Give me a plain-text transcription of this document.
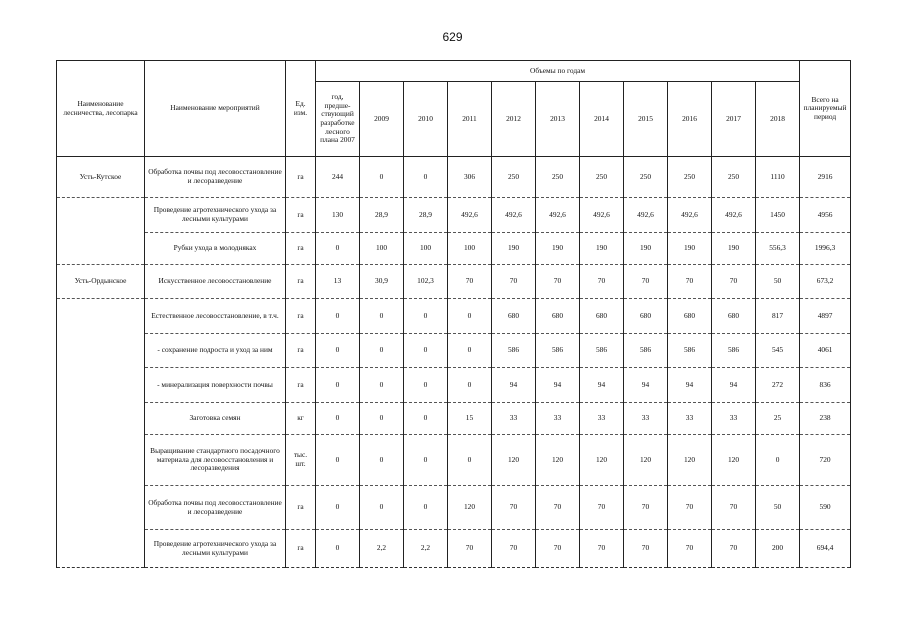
629
Наименование лесничества, лесопарка	Наименование мероприятий	Ед. изм.	Объемы по годам											Всего на планируемый период
			год, предше-ствующий разработке лесного плана 2007	2009	2010	2011	2012	2013	2014	2015	2016	2017	2018	
Усть-Кутское	Обработка почвы под лесовосстановление и лесоразведение	га	244	0	0	306	250	250	250	250	250	250	1110	2916
	Проведение агротехнического ухода за лесными культурами	га	130	28,9	28,9	492,6	492,6	492,6	492,6	492,6	492,6	492,6	1450	4956
	Рубки ухода в молодняках	га	0	100	100	100	190	190	190	190	190	190	556,3	1996,3
Усть-Ордынское	Искусственное лесовосстановление	га	13	30,9	102,3	70	70	70	70	70	70	70	50	673,2
	Естественное лесовосстановление, в т.ч.	га	0	0	0	0	680	680	680	680	680	680	817	4897
	- сохранение подроста и уход за ним	га	0	0	0	0	586	586	586	586	586	586	545	4061
	- минерализация поверхности почвы	га	0	0	0	0	94	94	94	94	94	94	272	836
	Заготовка семян	кг	0	0	0	15	33	33	33	33	33	33	25	238
	Выращивание стандартного посадочного материала для лесовосстановления и лесоразведения	тыс. шт.	0	0	0	0	120	120	120	120	120	120	0	720
	Обработка почвы под лесовосстановление и лесоразведение	га	0	0	0	120	70	70	70	70	70	70	50	590
	Проведение агротехнического ухода за лесными культурами	га	0	2,2	2,2	70	70	70	70	70	70	70	200	694,4
